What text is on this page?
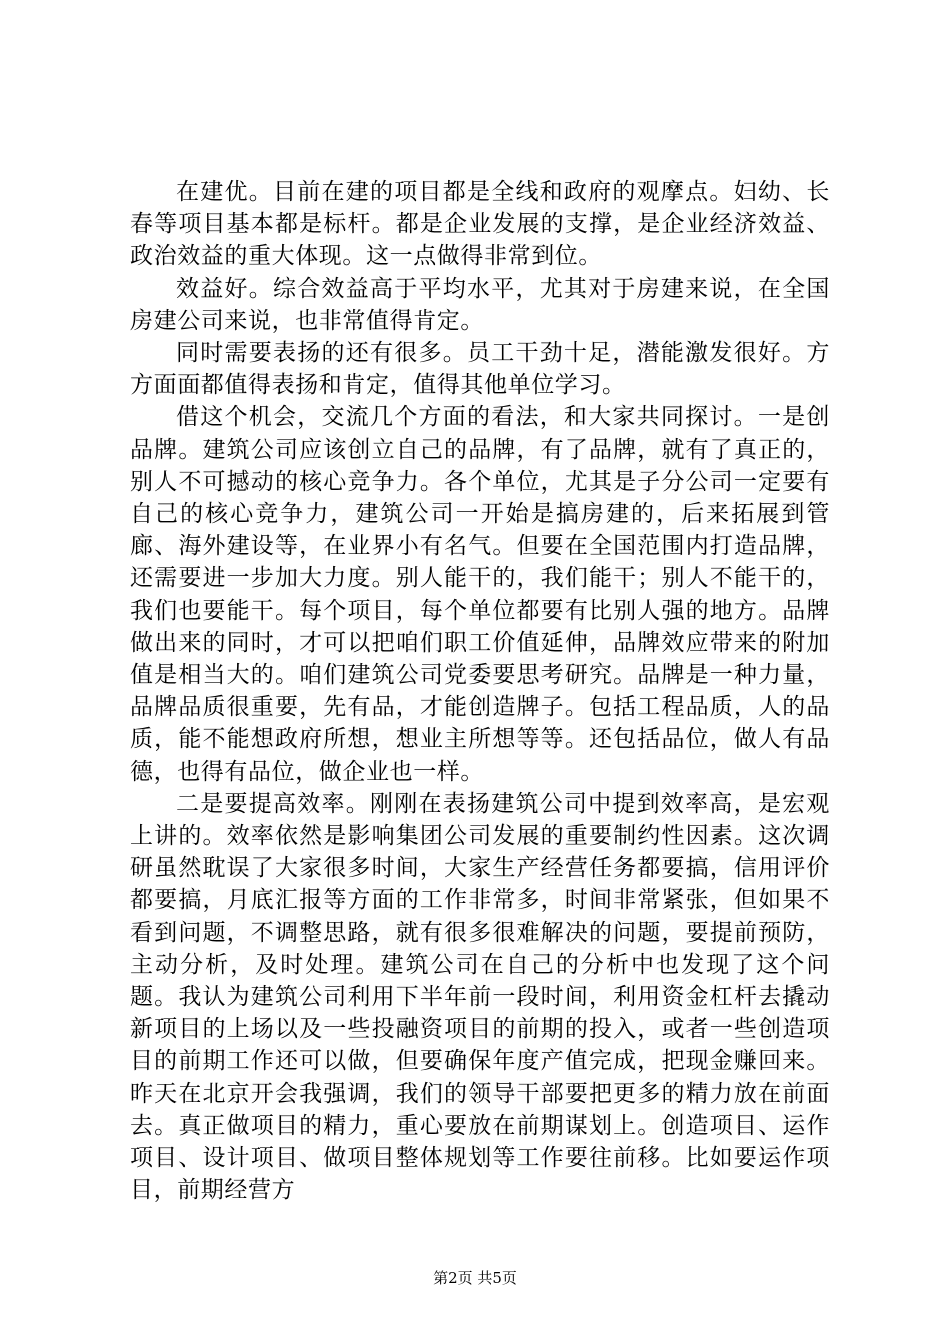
在建优。目前在建的项目都是全线和政府的观摩点。妇幼、长春等项目基本都是标杆。都是企业发展的支撑，是企业经济效益、政治效益的重大体现。这一点做得非常到位。

效益好。综合效益高于平均水平，尤其对于房建来说，在全国房建公司来说，也非常值得肯定。

同时需要表扬的还有很多。员工干劲十足，潜能激发很好。方方面面都值得表扬和肯定，值得其他单位学习。

借这个机会，交流几个方面的看法，和大家共同探讨。一是创品牌。建筑公司应该创立自己的品牌，有了品牌，就有了真正的，别人不可撼动的核心竞争力。各个单位，尤其是子分公司一定要有自己的核心竞争力，建筑公司一开始是搞房建的，后来拓展到管廊、海外建设等，在业界小有名气。但要在全国范围内打造品牌，还需要进一步加大力度。别人能干的，我们能干；别人不能干的，我们也要能干。每个项目，每个单位都要有比别人强的地方。品牌做出来的同时，才可以把咱们职工价值延伸，品牌效应带来的附加值是相当大的。咱们建筑公司党委要思考研究。品牌是一种力量，品牌品质很重要，先有品，才能创造牌子。包括工程品质，人的品质，能不能想政府所想，想业主所想等等。还包括品位，做人有品德，也得有品位，做企业也一样。

二是要提高效率。刚刚在表扬建筑公司中提到效率高，是宏观上讲的。效率依然是影响集团公司发展的重要制约性因素。这次调研虽然耽误了大家很多时间，大家生产经营任务都要搞，信用评价都要搞，月底汇报等方面的工作非常多，时间非常紧张，但如果不看到问题，不调整思路，就有很多很难解决的问题，要提前预防，主动分析，及时处理。建筑公司在自己的分析中也发现了这个问题。我认为建筑公司利用下半年前一段时间，利用资金杠杆去撬动新项目的上场以及一些投融资项目的前期的投入，或者一些创造项目的前期工作还可以做，但要确保年度产值完成，把现金赚回来。昨天在北京开会我强调，我们的领导干部要把更多的精力放在前面去。真正做项目的精力，重心要放在前期谋划上。创造项目、运作项目、设计项目、做项目整体规划等工作要往前移。比如要运作项目，前期经营方

第2页 共5页
